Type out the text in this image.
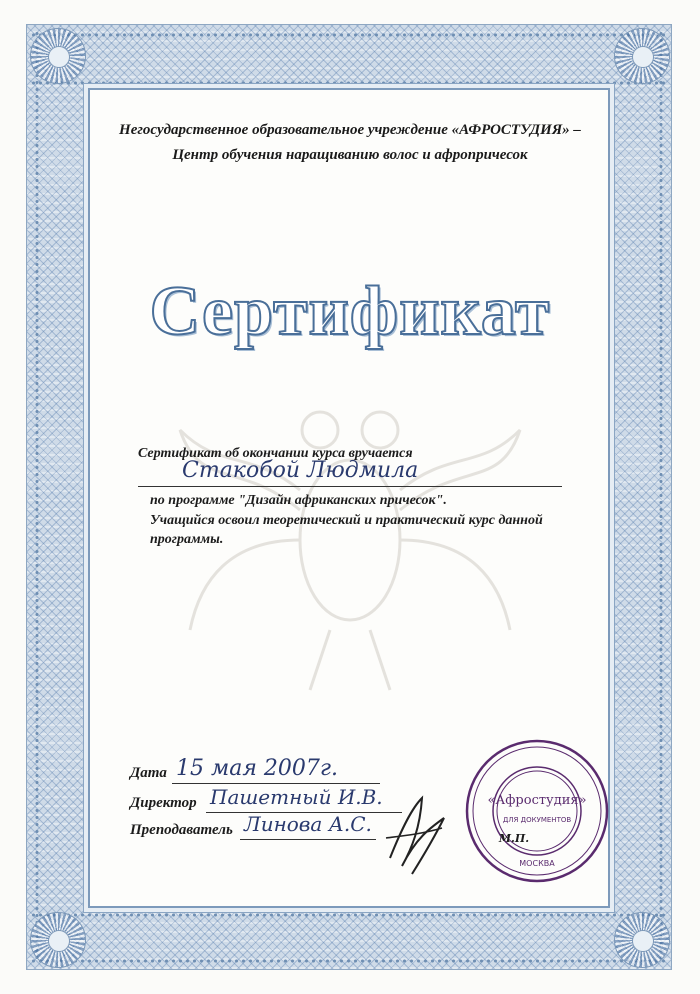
Негосударственное образовательное учреждение «АФРОСТУДИЯ» –
Центр обучения наращиванию волос и афропричесок
Сертификат
Сертификат об окончании курса вручается
Стакобой Людмила
по программе "Дизайн африканских причесок".
Учащийся освоил теоретический и практический курс данной
программы.
Дата 15 мая 2007г.
Директор Пашетный И.В.
Преподаватель Линова А.С.
«Афростудия»
ДЛЯ ДОКУМЕНТОВ
МОСКВА
М.П.
